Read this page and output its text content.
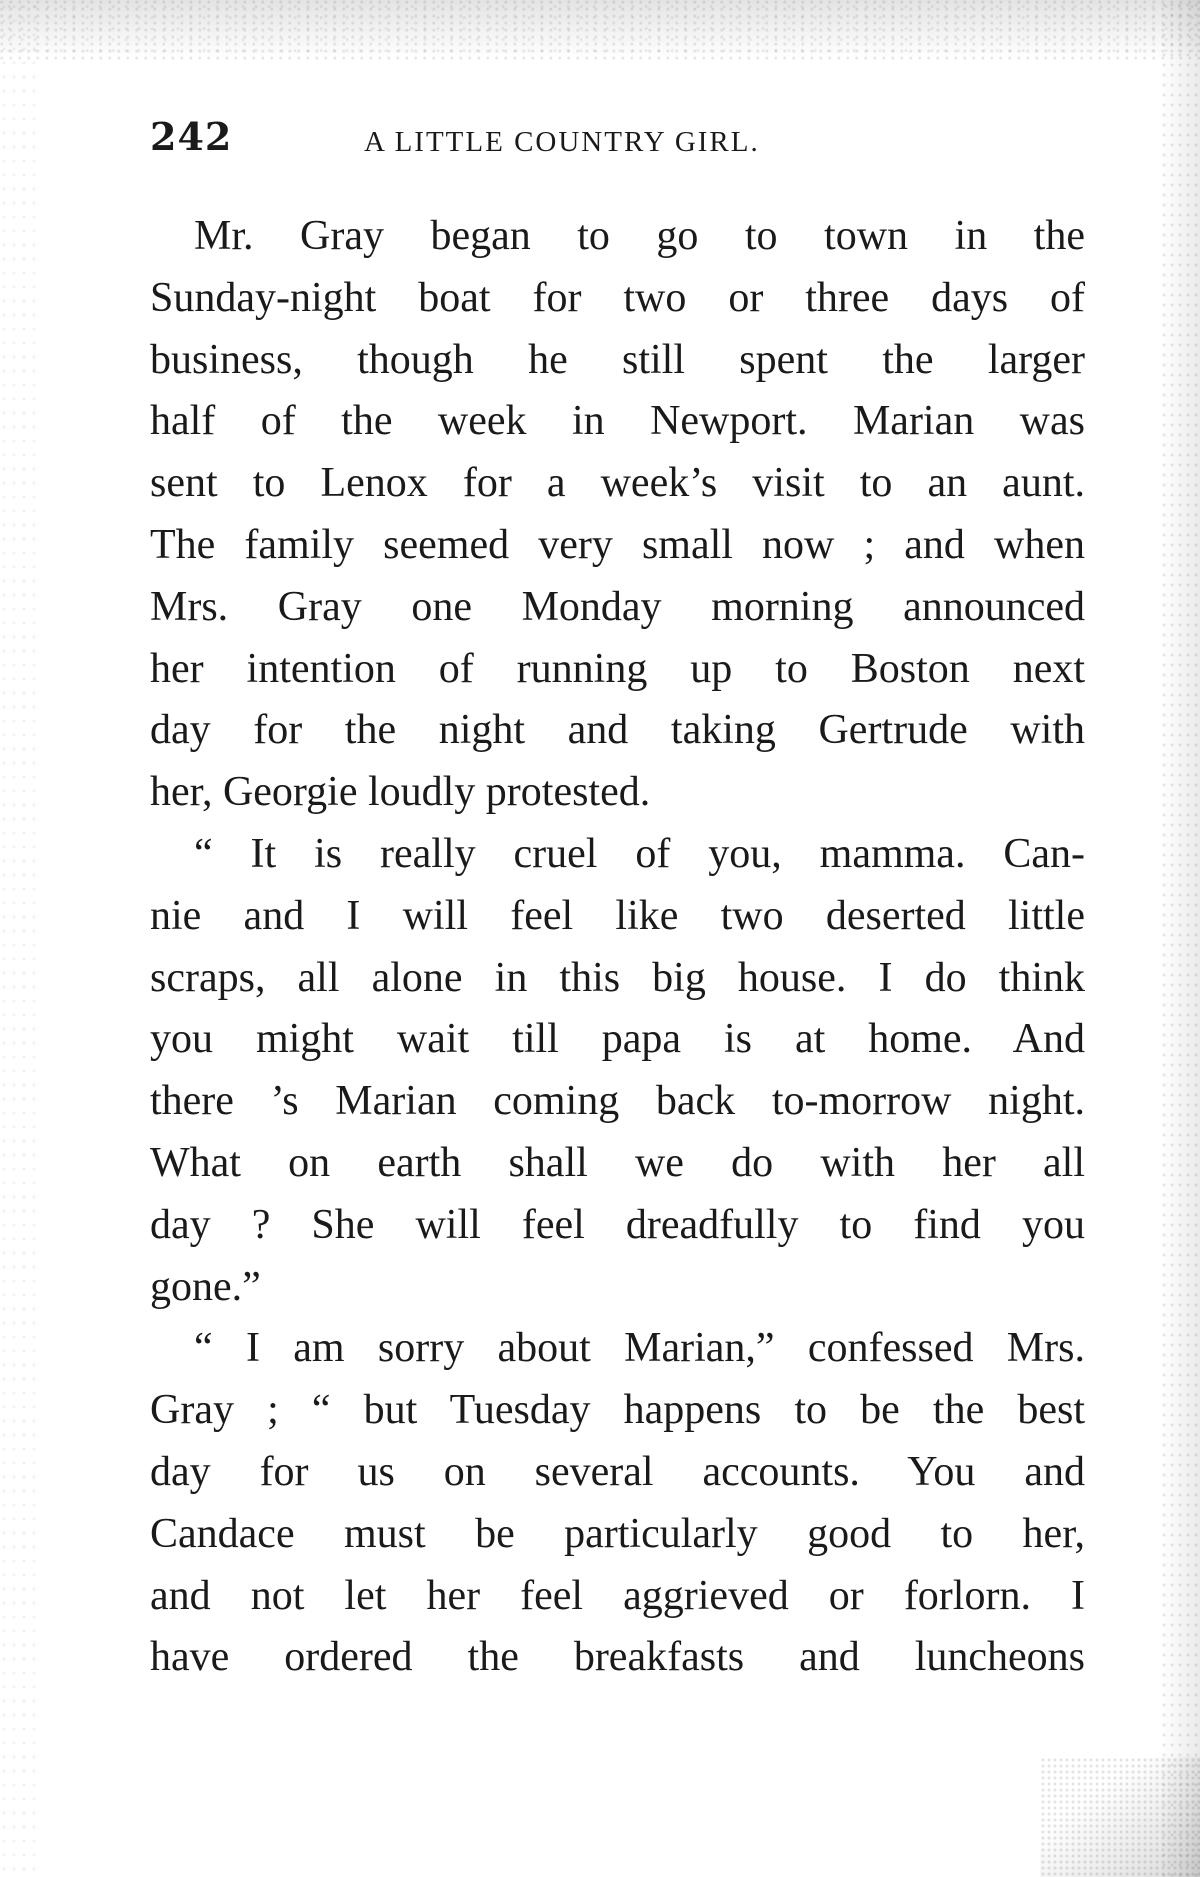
242	A LITTLE COUNTRY GIRL.
Mr. Gray began to go to town in the
Sunday-night boat for two or three days of
business, though he still spent the larger
half of the week in Newport. Marian was
sent to Lenox for a week’s visit to an aunt.
The family seemed very small now ; and when
Mrs. Gray one Monday morning announced
her intention of running up to Boston next
day for the night and taking Gertrude with
her, Georgie loudly protested.
“ It is really cruel of you, mamma. Can-
nie and I will feel like two deserted little
scraps, all alone in this big house. I do think
you might wait till papa is at home. And
there ’s Marian coming back to-morrow night.
What on earth shall we do with her all
day ? She will feel dreadfully to find you
gone.”
“ I am sorry about Marian,” confessed Mrs.
Gray ; “ but Tuesday happens to be the best
day for us on several accounts. You and
Candace must be particularly good to her,
and not let her feel aggrieved or forlorn. I
have ordered the breakfasts and luncheons
